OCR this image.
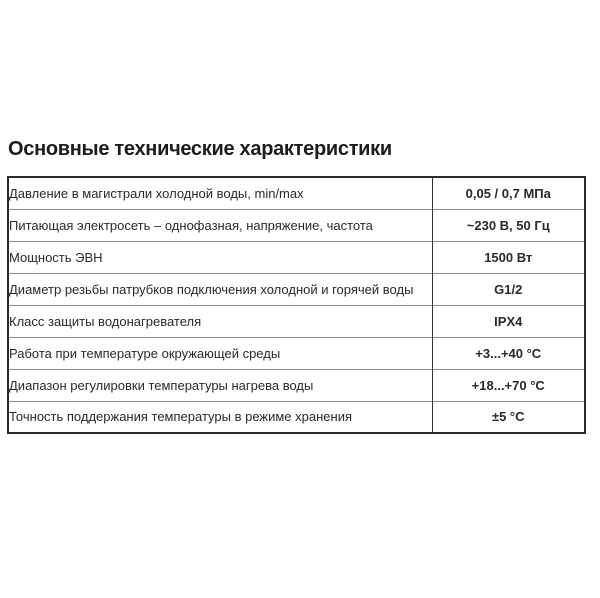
Основные технические характеристики
Давление в магистрали холодной воды, min/max	0,05 / 0,7 МПа
Питающая электросеть – однофазная, напряжение, частота	~230 В, 50 Гц
Мощность ЭВН	1500 Вт
Диаметр резьбы патрубков подключения холодной и горячей воды	G1/2
Класс защиты водонагревателя	IPX4
Работа при температуре окружающей среды	+3...+40 °C
Диапазон регулировки температуры нагрева воды	+18...+70 °C
Точность поддержания температуры в режиме хранения	±5 °C
